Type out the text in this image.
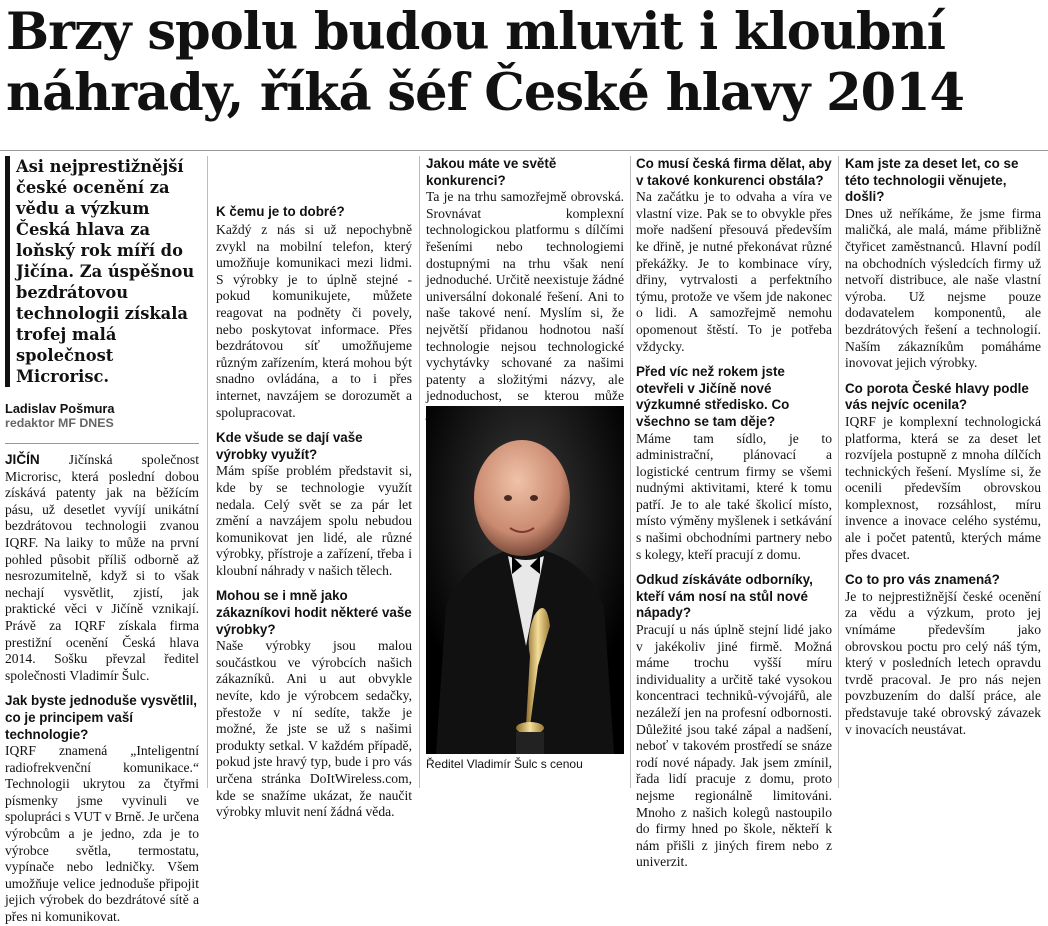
Brzy spolu budou mluvit i kloubní
náhrady, říká šéf České hlavy 2014
Asi nejprestižnější české ocenění za vědu a výzkum Česká hlava za loňský rok míří do Jičína. Za úspěšnou bezdrátovou technologii získala trofej malá společnost Microrisc.
Ladislav Pošmura
redaktor MF DNES

JIČÍN Jičínská společnost Microrisc, která poslední dobou získává patenty jak na běžícím pásu, už desetlet vyvíjí unikátní bezdrátovou technologii zvanou IQRF. Na laiky to může na první pohled působit příliš odborně až nesrozumitelně, když si to však nechají vysvětlit, zjistí, jak praktické věci v Jičíně vznikají. Právě za IQRF získala firma prestižní ocenění Česká hlava 2014. Sošku převzal ředitel společnosti Vladimír Šulc.

Jak byste jednoduše vysvětlil, co je principem vaší technologie?

IQRF znamená „Inteligentní radiofrekvenční komunikace.“ Technologii ukrytou za čtyřmi písmenky jsme vyvinuli ve spolupráci s VUT v Brně. Je určena výrobcům a je jedno, zda je to výrobce světla, termostatu, vypínače nebo ledničky. Všem umožňuje velice jednoduše připojit jejich výrobek do bezdrátové sítě a přes ni komunikovat.

K čemu je to dobré?

Každý z nás si už nepochybně zvykl na mobilní telefon, který umožňuje komunikaci mezi lidmi. S výrobky je to úplně stejné - pokud komunikujete, můžete reagovat na podněty či povely, nebo poskytovat informace. Přes bezdrátovou síť umožňujeme různým zařízením, která mohou být snadno ovládána, a to i přes internet, navzájem se dorozumět a spolupracovat.

Kde všude se dají vaše výrobky využít?

Mám spíše problém představit si, kde by se technologie využít nedala. Celý svět se za pár let změní a navzájem spolu nebudou komunikovat jen lidé, ale různé výrobky, přístroje a zařízení, třeba i kloubní náhrady v našich tělech.

Mohou se i mně jako zákazníkovi hodit některé vaše výrobky?

Naše výrobky jsou malou součástkou ve výrobcích našich zákazníků. Ani u aut obvykle nevíte, kdo je výrobcem sedačky, přestože v ní sedíte, takže je možné, že jste se už s našimi produkty setkal. V každém případě, pokud jste hravý typ, bude i pro vás určena stránka DoItWireless.com, kde se snažíme ukázat, že naučit výrobky mluvit není žádná věda.

Jakou máte ve světě konkurenci?

Ta je na trhu samozřejmě obrovská. Srovnávat komplexní technologickou platformu s dílčími řešeními nebo technologiemi dostupnými na trhu však není jednoduché. Určitě neexistuje žádné universální dokonalé řešení. Ani to naše takové není. Myslím si, že největší přidanou hodnotou naší technologie nejsou technologické vychytávky schované za našimi patenty a složitými názvy, ale jednoduchost, se kterou může

Ředitel Vladimír Šulc s cenou

Co musí česká firma dělat, aby v takové konkurenci obstála?

Na začátku je to odvaha a víra ve vlastní vize. Pak se to obvykle přes moře nadšení přesouvá především ke dřině, je nutné překonávat různé překážky. Je to kombinace víry, dřiny, vytrvalosti a perfektního týmu, protože ve všem jde nakonec o lidi. A samozřejmě nemohu opomenout štěstí. To je potřeba vždycky.

Před víc než rokem jste otevřeli v Jičíně nové výzkumné středisko. Co všechno se tam děje?

Máme tam sídlo, je to administrační, plánovací a logistické centrum firmy se všemi nudnými aktivitami, které k tomu patří. Je to ale také školicí místo, místo výměny myšlenek i setkávání s našimi obchodními partnery nebo s kolegy, kteří pracují z domu.

Odkud získáváte odborníky, kteří vám nosí na stůl nové nápady?

Pracují u nás úplně stejní lidé jako v jakékoliv jiné firmě. Možná máme trochu vyšší míru individuality a určitě také vysokou koncentraci techniků-vývojářů, ale nezáleží jen na profesní odbornosti. Důležité jsou také zápal a nadšení, neboť v takovém prostředí se snáze rodí nové nápady. Jak jsem zmínil, řada lidí pracuje z domu, proto nejsme regionálně limitováni. Mnoho z našich kolegů nastoupilo do firmy hned po škole, někteří k nám přišli z jiných firem nebo z univerzit.

Kam jste za deset let, co se této technologii věnujete, došli?

Dnes už neříkáme, že jsme firma maličká, ale malá, máme přibližně čtyřicet zaměstnanců. Hlavní podíl na obchodních výsledcích firmy už netvoří distribuce, ale naše vlastní výroba. Už nejsme pouze dodavatelem komponentů, ale bezdrátových řešení a technologií. Naším zákazníkům pomáháme inovovat jejich výrobky.

Co porota České hlavy podle vás nejvíc ocenila?

IQRF je komplexní technologická platforma, která se za deset let rozvíjela postupně z mnoha dílčích technických řešení. Myslíme si, že ocenili především obrovskou komplexnost, rozsáhlost, míru invence a inovace celého systému, ale i počet patentů, kterých máme přes dvacet.

Co to pro vás znamená?

Je to nejprestižnější české ocenění za vědu a výzkum, proto jej vnímáme především jako obrovskou poctu pro celý náš tým, který v posledních letech opravdu tvrdě pracoval. Je pro nás nejen povzbuzením do další práce, ale představuje také obrovský závazek v inovacích neustávat.
